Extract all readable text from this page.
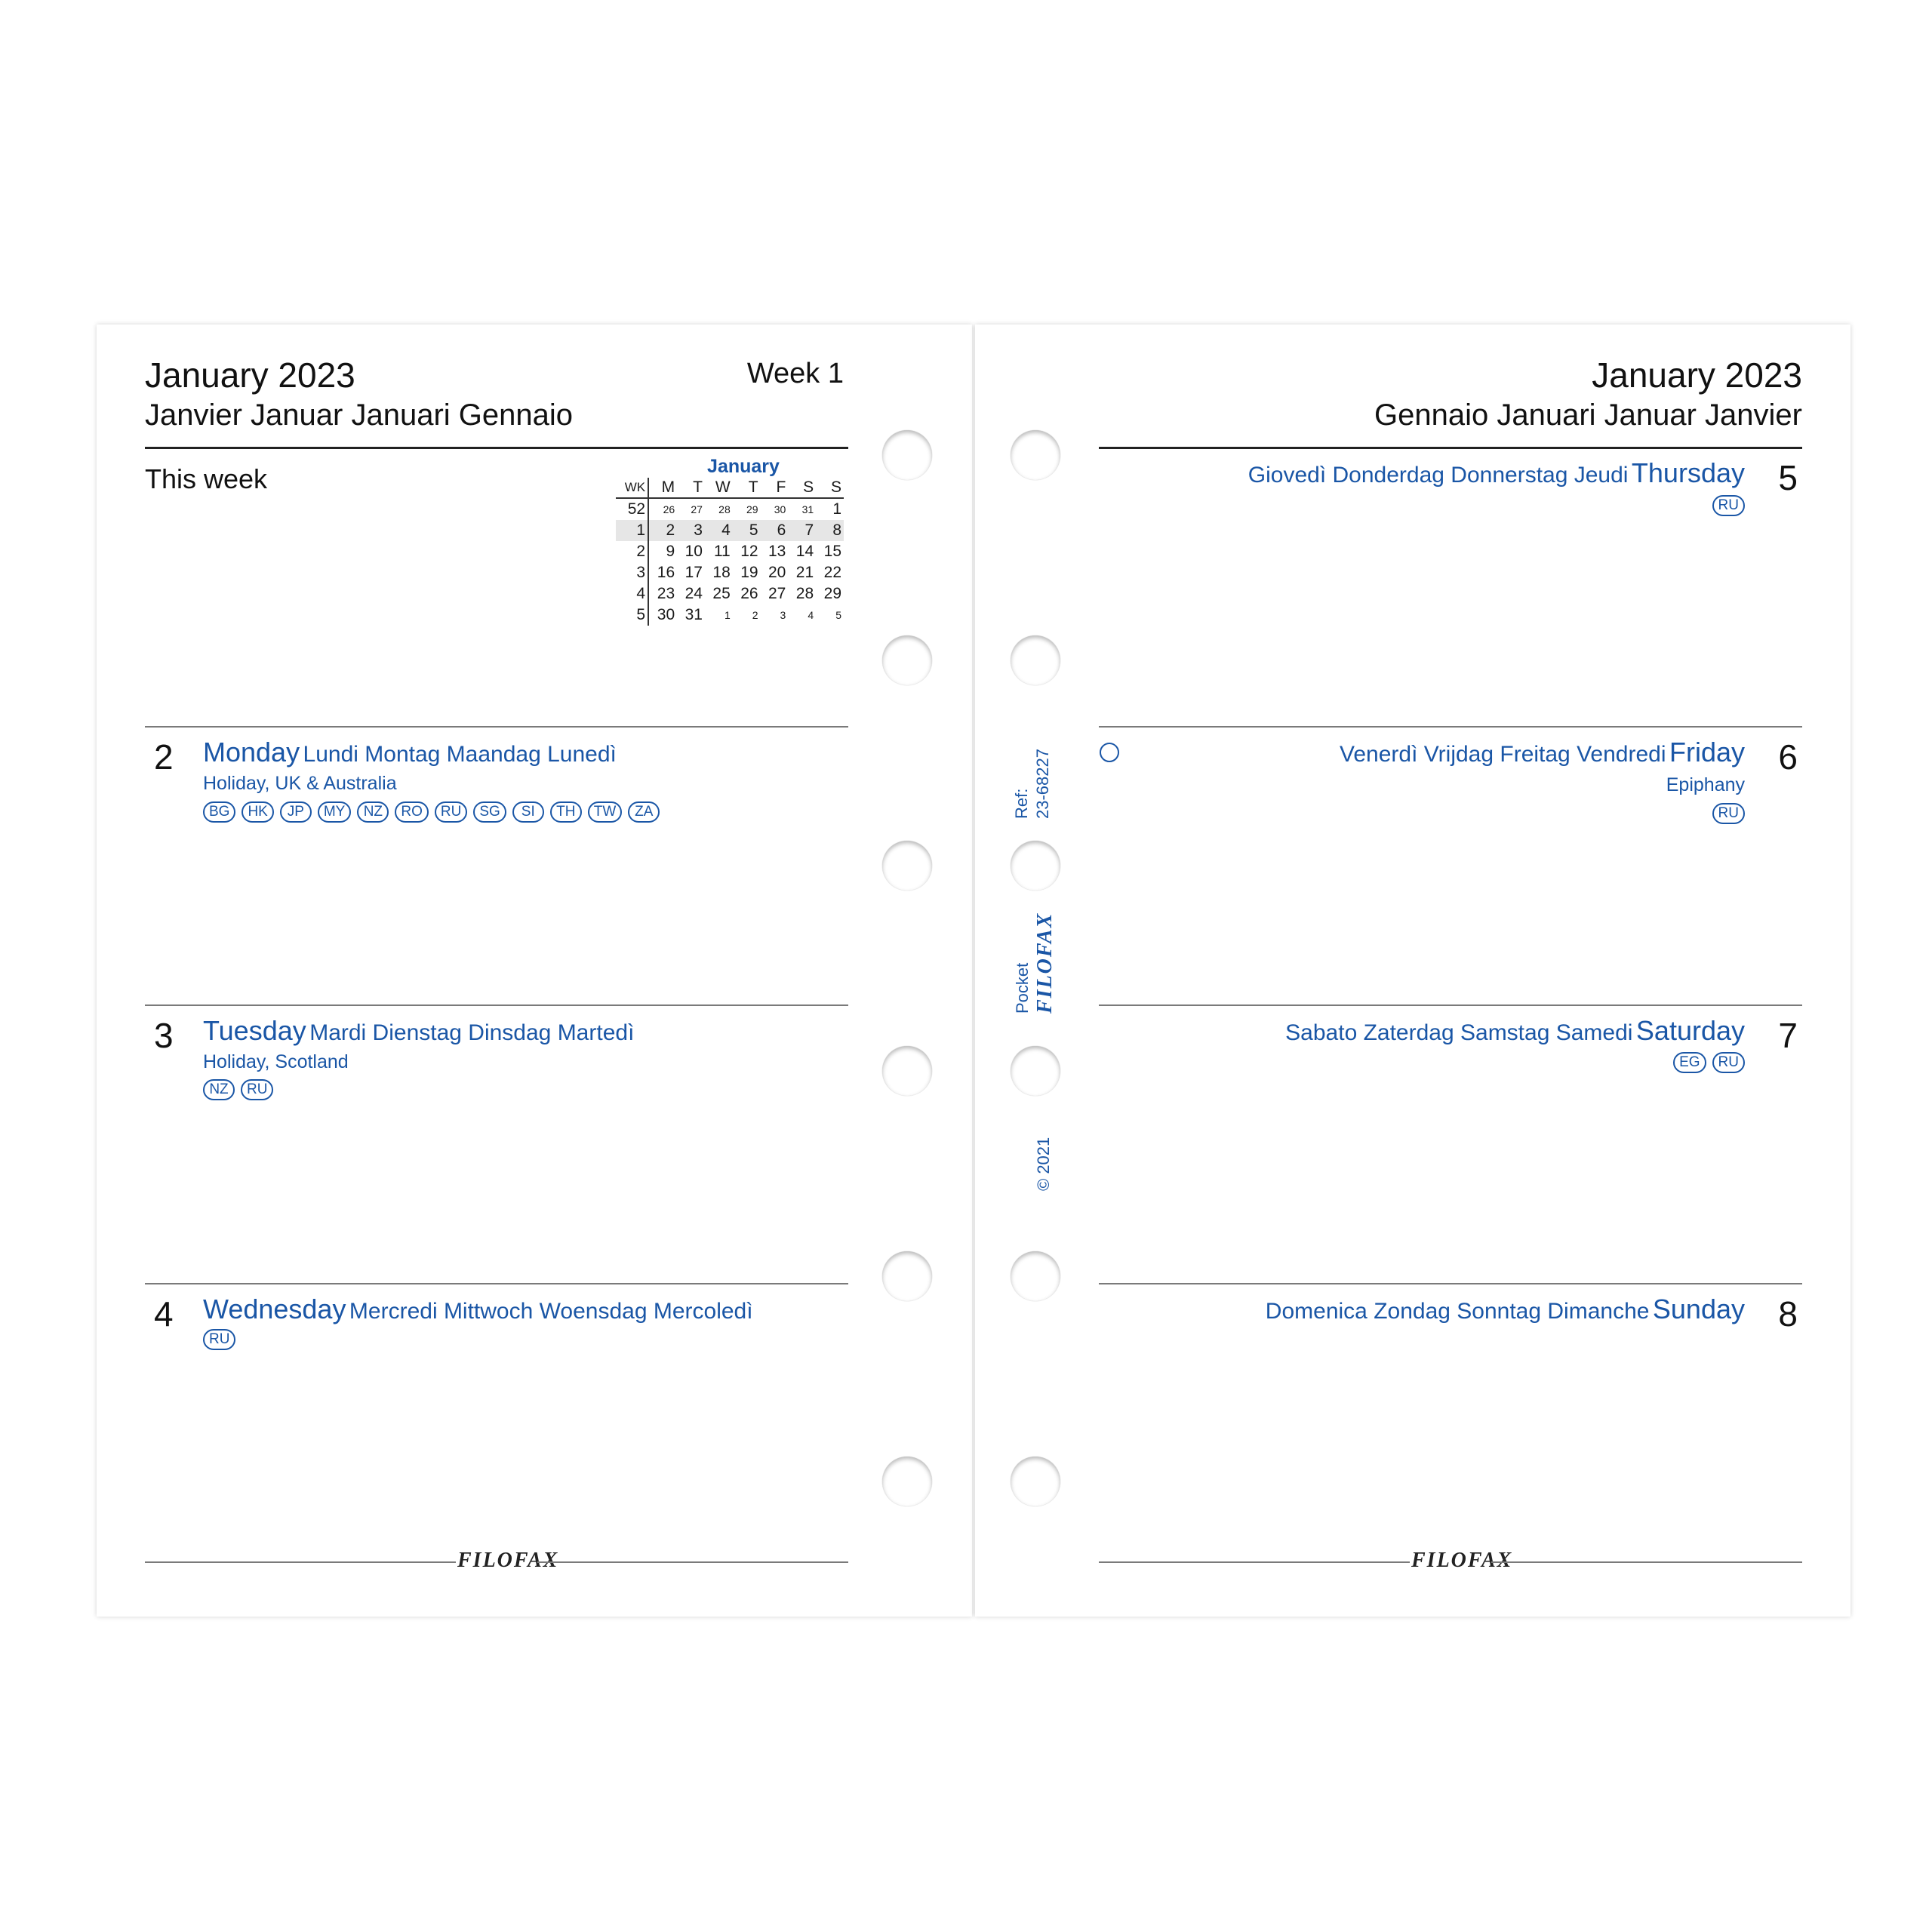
January 2023
Janvier Januar Januari Gennaio
Week 1
This week	January
WK	M	T	W	T	F	S	S
52	26	27	28	29	30	31	1
1	2	3	4	5	6	7	8
2	9	10	11	12	13	14	15
3	16	17	18	19	20	21	22
4	23	24	25	26	27	28	29
5	30	31	1	2	3	4	5
2 Monday Lundi Montag Maandag Lunedì
Holiday, UK & Australia
BG HK JP MY NZ RO RU SG SI TH TW ZA
3 Tuesday Mardi Dienstag Dinsdag Martedì
Holiday, Scotland
NZ RU
4 Wednesday Mercredi Mittwoch Woensdag Mercoledì
RU
FILOFAX
January 2023
Gennaio Januari Januar Janvier
5
Giovedì Donderdag Donnerstag Jeudi Thursday
RU
6
Venerdì Vrijdag Freitag Vendredi Friday
Epiphany
RU
7
Sabato Zaterdag Samstag Samedi Saturday
EG RU
8
Domenica Zondag Sonntag Dimanche Sunday
FILOFAX
Ref: 23-68227
Pocket FILOFAX
© 2021
